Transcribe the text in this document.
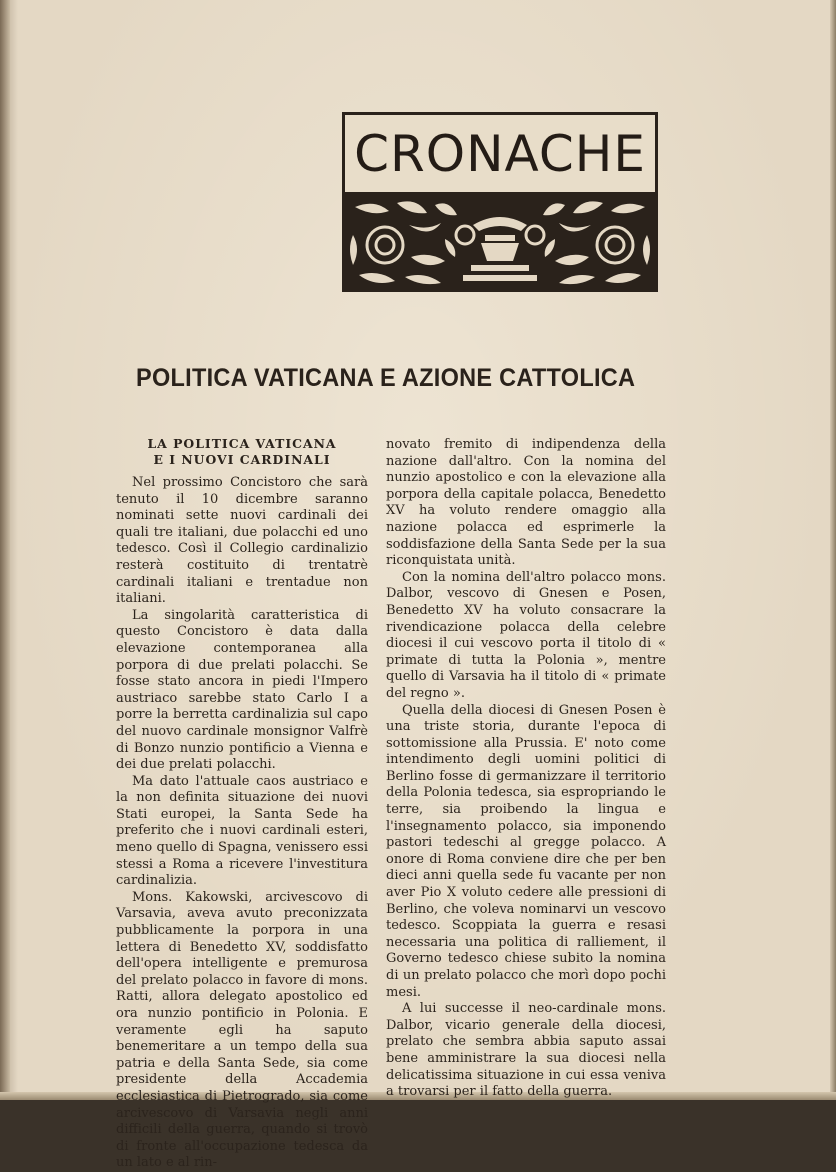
CRONACHE
POLITICA VATICANA E AZIONE CATTOLICA
LA POLITICA VATICANA
E I NUOVI CARDINALI

Nel prossimo Concistoro che sarà tenuto il 10 dicembre saranno nominati sette nuovi cardinali dei quali tre italiani, due polacchi ed uno tedesco. Così il Collegio cardinalizio resterà costituito di trentatrè cardinali italiani e trentadue non italiani.

La singolarità caratteristica di questo Concistoro è data dalla elevazione contemporanea alla porpora di due prelati polacchi. Se fosse stato ancora in piedi l'Impero austriaco sarebbe stato Carlo I a porre la berretta cardinalizia sul capo del nuovo cardinale monsignor Valfrè di Bonzo nunzio pontificio a Vienna e dei due prelati polacchi.

Ma dato l'attuale caos austriaco e la non definita situazione dei nuovi Stati europei, la Santa Sede ha preferito che i nuovi cardinali esteri, meno quello di Spagna, venissero essi stessi a Roma a ricevere l'investitura cardinalizia.

Mons. Kakowski, arcivescovo di Varsavia, aveva avuto preconizzata pubblicamente la porpora in una lettera di Benedetto XV, soddisfatto dell'opera intelligente e premurosa del prelato polacco in favore di mons. Ratti, allora delegato apostolico ed ora nunzio pontificio in Polonia. E veramente egli ha saputo benemeritare a un tempo della sua patria e della Santa Sede, sia come presidente della Accademia ecclesiastica di Pietrogrado, sia come arcivescovo di Varsavia negli anni difficili della guerra, quando si trovò di fronte all'occupazione tedesca da un lato e al rin-

novato fremito di indipendenza della nazione dall'altro. Con la nomina del nunzio apostolico e con la elevazione alla porpora della capitale polacca, Benedetto XV ha voluto rendere omaggio alla nazione polacca ed esprimerle la soddisfazione della Santa Sede per la sua riconquistata unità.

Con la nomina dell'altro polacco mons. Dalbor, vescovo di Gnesen e Posen, Benedetto XV ha voluto consacrare la rivendicazione polacca della celebre diocesi il cui vescovo porta il titolo di « primate di tutta la Polonia », mentre quello di Varsavia ha il titolo di « primate del regno ».

Quella della diocesi di Gnesen Posen è una triste storia, durante l'epoca di sottomissione alla Prussia. E' noto come intendimento degli uomini politici di Berlino fosse di germanizzare il territorio della Polonia tedesca, sia espropriando le terre, sia proibendo la lingua e l'insegnamento polacco, sia imponendo pastori tedeschi al gregge polacco. A onore di Roma conviene dire che per ben dieci anni quella sede fu vacante per non aver Pio X voluto cedere alle pressioni di Berlino, che voleva nominarvi un vescovo tedesco. Scoppiata la guerra e resasi necessaria una politica di ralliement, il Governo tedesco chiese subito la nomina di un prelato polacco che morì dopo pochi mesi.

A lui successe il neo-cardinale mons. Dalbor, vicario generale della diocesi, prelato che sembra abbia saputo assai bene amministrare la sua diocesi nella delicatissima situazione in cui essa veniva a trovarsi per il fatto della guerra.
